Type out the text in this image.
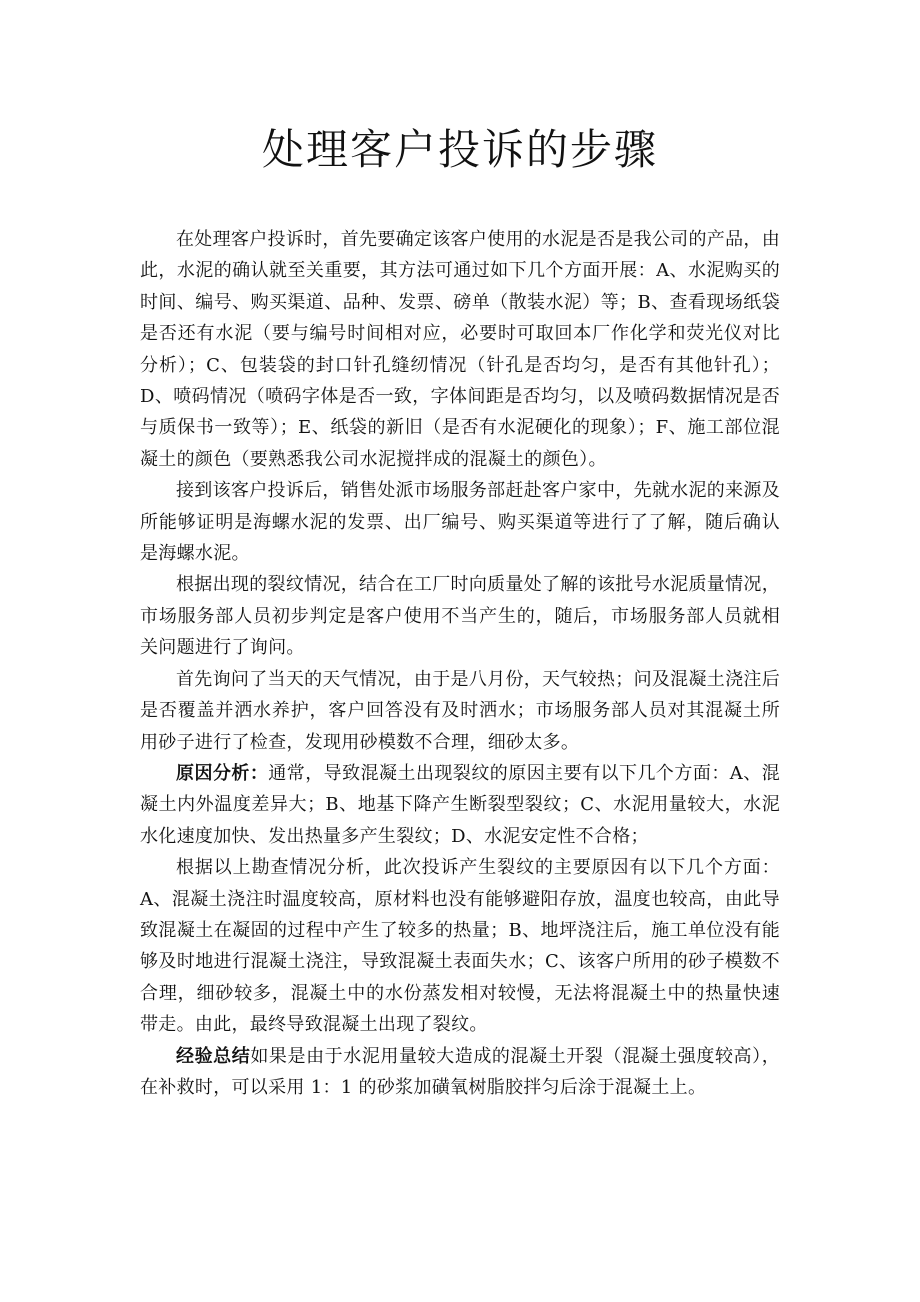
处理客户投诉的步骤

在处理客户投诉时，首先要确定该客户使用的水泥是否是我公司的产品，由此，水泥的确认就至关重要，其方法可通过如下几个方面开展：A、水泥购买的时间、编号、购买渠道、品种、发票、磅单（散装水泥）等；B、查看现场纸袋是否还有水泥（要与编号时间相对应，必要时可取回本厂作化学和荧光仪对比分析）；C、包装袋的封口针孔缝纫情况（针孔是否均匀，是否有其他针孔）；D、喷码情况（喷码字体是否一致，字体间距是否均匀，以及喷码数据情况是否与质保书一致等）；E、纸袋的新旧（是否有水泥硬化的现象）；F、施工部位混凝土的颜色（要熟悉我公司水泥搅拌成的混凝土的颜色）。

接到该客户投诉后，销售处派市场服务部赶赴客户家中，先就水泥的来源及所能够证明是海螺水泥的发票、出厂编号、购买渠道等进行了了解，随后确认是海螺水泥。

根据出现的裂纹情况，结合在工厂时向质量处了解的该批号水泥质量情况，市场服务部人员初步判定是客户使用不当产生的，随后，市场服务部人员就相关问题进行了询问。

首先询问了当天的天气情况，由于是八月份，天气较热；问及混凝土浇注后是否覆盖并洒水养护，客户回答没有及时洒水；市场服务部人员对其混凝土所用砂子进行了检查，发现用砂模数不合理，细砂太多。

原因分析：通常，导致混凝土出现裂纹的原因主要有以下几个方面：A、混凝土内外温度差异大；B、地基下降产生断裂型裂纹；C、水泥用量较大，水泥水化速度加快、发出热量多产生裂纹；D、水泥安定性不合格；

根据以上勘查情况分析，此次投诉产生裂纹的主要原因有以下几个方面：A、混凝土浇注时温度较高，原材料也没有能够避阳存放，温度也较高，由此导致混凝土在凝固的过程中产生了较多的热量；B、地坪浇注后，施工单位没有能够及时地进行混凝土浇注，导致混凝土表面失水；C、该客户所用的砂子模数不合理，细砂较多，混凝土中的水份蒸发相对较慢，无法将混凝土中的热量快速带走。由此，最终导致混凝土出现了裂纹。

经验总结如果是由于水泥用量较大造成的混凝土开裂（混凝土强度较高），在补救时，可以采用 1：1 的砂浆加磺氧树脂胶拌匀后涂于混凝土上。
